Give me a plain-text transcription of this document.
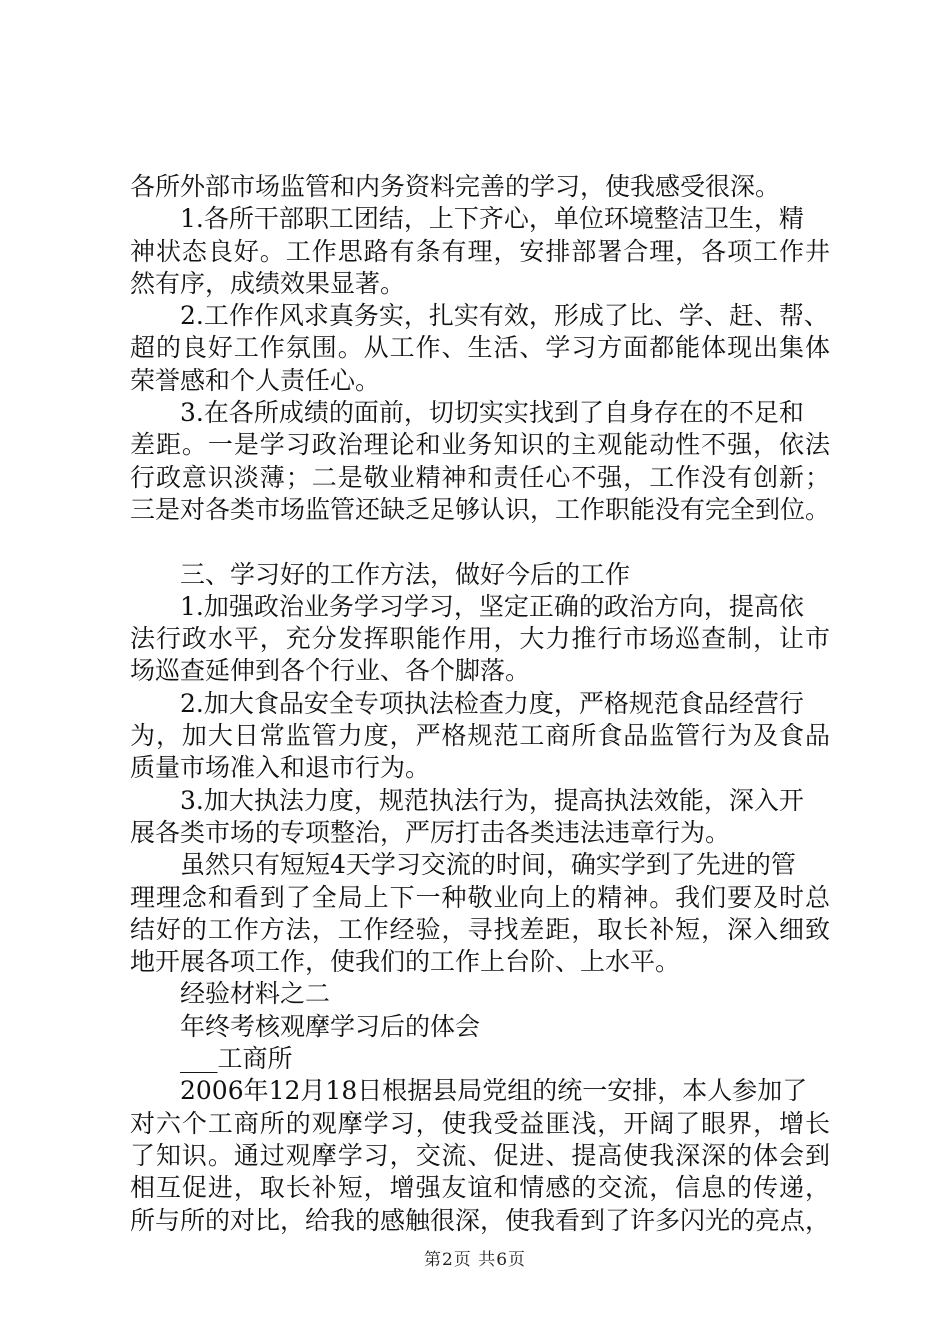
各所外部市场监管和内务资料完善的学习，使我感受很深。
1.各所干部职工团结，上下齐心，单位环境整洁卫生，精
神状态良好。工作思路有条有理，安排部署合理，各项工作井
然有序，成绩效果显著。
2.工作作风求真务实，扎实有效，形成了比、学、赶、帮、
超的良好工作氛围。从工作、生活、学习方面都能体现出集体
荣誉感和个人责任心。
3.在各所成绩的面前，切切实实找到了自身存在的不足和
差距。一是学习政治理论和业务知识的主观能动性不强，依法
行政意识淡薄；二是敬业精神和责任心不强，工作没有创新；
三是对各类市场监管还缺乏足够认识，工作职能没有完全到位。
三、学习好的工作方法，做好今后的工作
1.加强政治业务学习学习，坚定正确的政治方向，提高依
法行政水平，充分发挥职能作用，大力推行市场巡查制，让市
场巡查延伸到各个行业、各个脚落。
2.加大食品安全专项执法检查力度，严格规范食品经营行
为，加大日常监管力度，严格规范工商所食品监管行为及食品
质量市场准入和退市行为。
3.加大执法力度，规范执法行为，提高执法效能，深入开
展各类市场的专项整治，严厉打击各类违法违章行为。
虽然只有短短4天学习交流的时间，确实学到了先进的管
理理念和看到了全局上下一种敬业向上的精神。我们要及时总
结好的工作方法，工作经验，寻找差距，取长补短，深入细致
地开展各项工作，使我们的工作上台阶、上水平。
经验材料之二
年终考核观摩学习后的体会
___工商所
2006年12月18日根据县局党组的统一安排，本人参加了
对六个工商所的观摩学习，使我受益匪浅，开阔了眼界，增长
了知识。通过观摩学习，交流、促进、提高使我深深的体会到
相互促进，取长补短，增强友谊和情感的交流，信息的传递，
所与所的对比，给我的感触很深，使我看到了许多闪光的亮点，
第2页 共6页
